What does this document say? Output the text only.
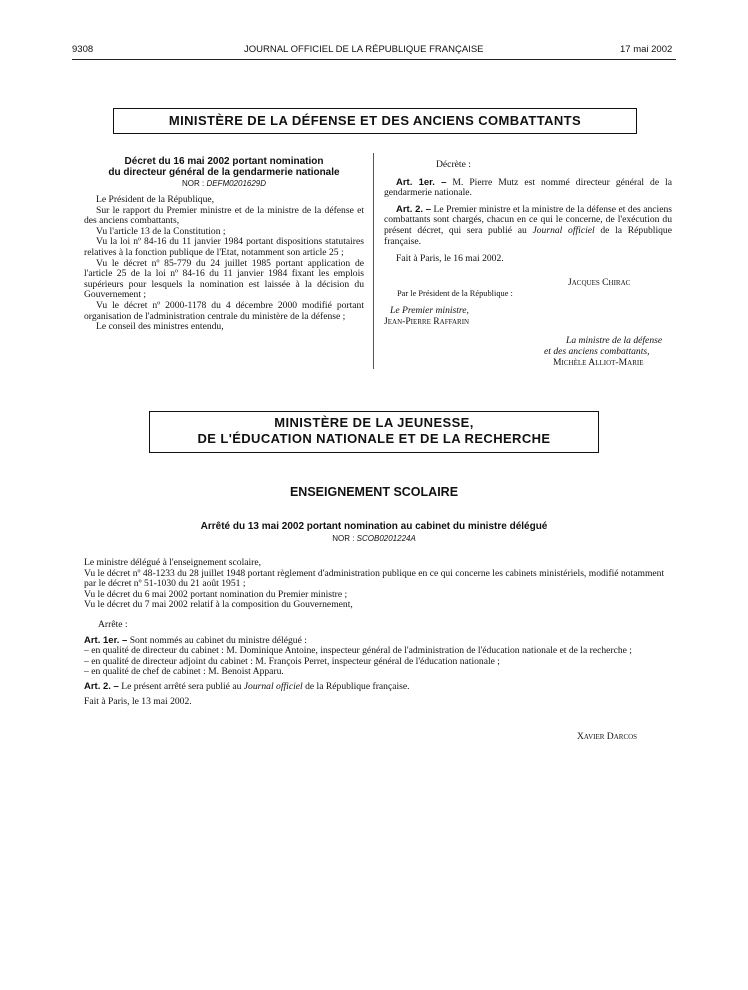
9308	JOURNAL OFFICIEL DE LA RÉPUBLIQUE FRANÇAISE	17 mai 2002
MINISTÈRE DE LA DÉFENSE ET DES ANCIENS COMBATTANTS
Décret du 16 mai 2002 portant nomination
du directeur général de la gendarmerie nationale
NOR : DEFM0201629D

Le Président de la République,

Sur le rapport du Premier ministre et de la ministre de la défense et des anciens combattants,

Vu l'article 13 de la Constitution ;

Vu la loi nº 84-16 du 11 janvier 1984 portant dispositions statutaires relatives à la fonction publique de l'Etat, notamment son article 25 ;

Vu le décret nº 85-779 du 24 juillet 1985 portant application de l'article 25 de la loi nº 84-16 du 11 janvier 1984 fixant les emplois supérieurs pour lesquels la nomination est laissée à la décision du Gouvernement ;

Vu le décret nº 2000-1178 du 4 décembre 2000 modifié portant organisation de l'administration centrale du ministère de la défense ;

Le conseil des ministres entendu,

Décrète :

Art. 1er. – M. Pierre Mutz est nommé directeur général de la gendarmerie nationale.

Art. 2. – Le Premier ministre et la ministre de la défense et des anciens combattants sont chargés, chacun en ce qui le concerne, de l'exécution du présent décret, qui sera publié au Journal officiel de la République française.

Fait à Paris, le 16 mai 2002.

Jacques Chirac
Par le Président de la République :
Le Premier ministre,
Jean-Pierre Raffarin
La ministre de la défense
et des anciens combattants,
Michèle Alliot-Marie
MINISTÈRE DE LA JEUNESSE,
DE L'ÉDUCATION NATIONALE ET DE LA RECHERCHE
ENSEIGNEMENT SCOLAIRE
Arrêté du 13 mai 2002 portant nomination au cabinet du ministre délégué
NOR : SCOB0201224A

Le ministre délégué à l'enseignement scolaire,

Vu le décret nº 48-1233 du 28 juillet 1948 portant règlement d'administration publique en ce qui concerne les cabinets ministériels, modifié notamment par le décret nº 51-1030 du 21 août 1951 ;

Vu le décret du 6 mai 2002 portant nomination du Premier ministre ;

Vu le décret du 7 mai 2002 relatif à la composition du Gouvernement,

Arrête :

Art. 1er. – Sont nommés au cabinet du ministre délégué :

– en qualité de directeur du cabinet : M. Dominique Antoine, inspecteur général de l'administration de l'éducation nationale et de la recherche ;

– en qualité de directeur adjoint du cabinet : M. François Perret, inspecteur général de l'éducation nationale ;

– en qualité de chef de cabinet : M. Benoist Apparu.

Art. 2. – Le présent arrêté sera publié au Journal officiel de la République française.

Fait à Paris, le 13 mai 2002.

Xavier Darcos
